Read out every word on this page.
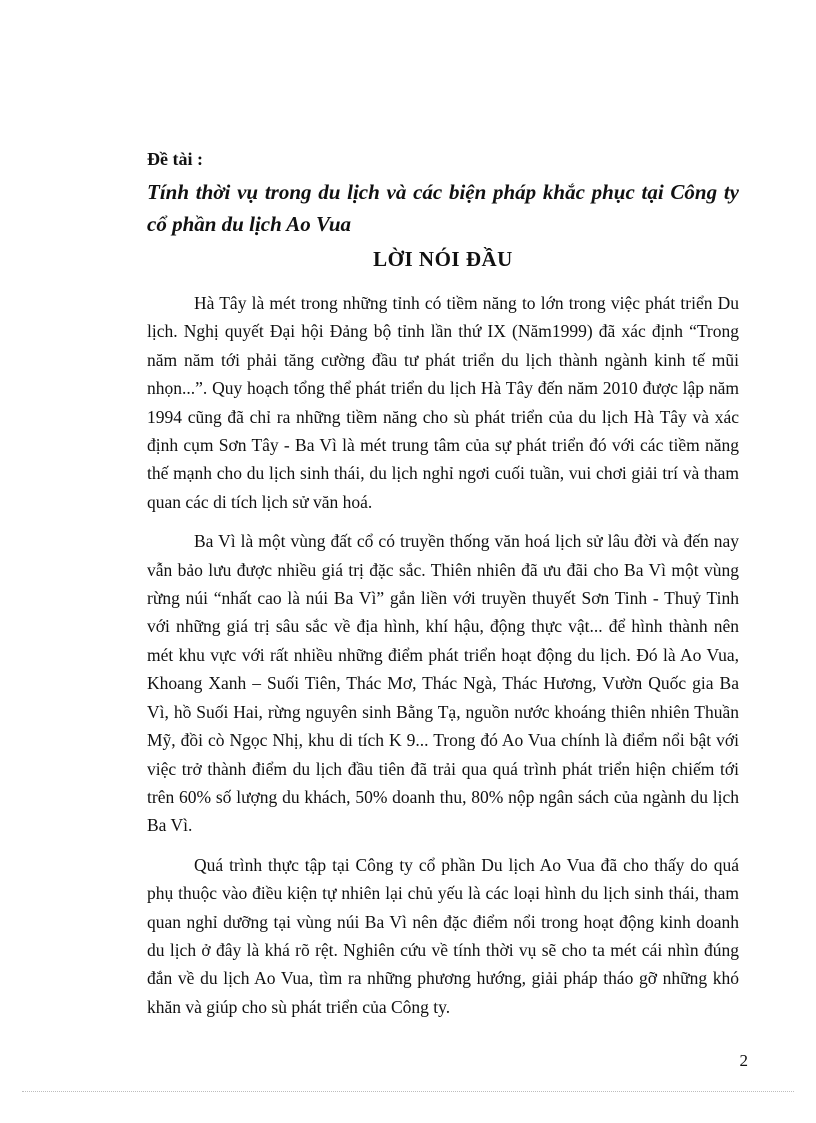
Đề tài :
Tính thời vụ trong du lịch và các biện pháp khắc phục tại Công ty cổ phần du lịch Ao Vua
LỜI NÓI ĐẦU

Hà Tây là mét trong những tỉnh có tiềm năng to lớn trong việc phát triển Du lịch. Nghị quyết Đại hội Đảng bộ tỉnh lần thứ IX (Năm1999) đã xác định “Trong năm năm tới phải tăng cường đầu tư phát triển du lịch thành ngành kinh tế mũi nhọn...”. Quy hoạch tổng thể phát triển du lịch Hà Tây đến năm 2010 được lập năm 1994 cũng đã chỉ ra những tiềm năng cho sù phát triển của du lịch Hà Tây và xác định cụm Sơn Tây - Ba Vì là mét trung tâm của sự phát triển đó với các tiềm năng thế mạnh cho du lịch sinh thái, du lịch nghỉ ngơi cuối tuần, vui chơi giải trí và tham quan các di tích lịch sử văn hoá.

Ba Vì là một vùng đất cổ có truyền thống văn hoá lịch sử lâu đời và đến nay vẫn bảo lưu được nhiều giá trị đặc sắc. Thiên nhiên đã ưu đãi cho Ba Vì một vùng rừng núi “nhất cao là núi Ba Vì” gắn liền với truyền thuyết Sơn Tinh - Thuỷ Tinh với những giá trị sâu sắc về địa hình, khí hậu, động thực vật... để hình thành nên mét khu vực với rất nhiều những điểm phát triển hoạt động du lịch. Đó là Ao Vua, Khoang Xanh – Suối Tiên, Thác Mơ, Thác Ngà, Thác Hương, Vườn Quốc gia Ba Vì, hồ Suối Hai, rừng nguyên sinh Bằng Tạ, nguồn nước khoáng thiên nhiên Thuần Mỹ, đồi cò Ngọc Nhị, khu di tích K 9... Trong đó Ao Vua chính là điểm nổi bật với việc trở thành điểm du lịch đầu tiên đã trải qua quá trình phát triển hiện chiếm tới trên 60% số lượng du khách, 50% doanh thu, 80% nộp ngân sách của ngành du lịch Ba Vì.

Quá trình thực tập tại Công ty cổ phần Du lịch Ao Vua đã cho thấy do quá phụ thuộc vào điều kiện tự nhiên lại chủ yếu là các loại hình du lịch sinh thái, tham quan nghỉ dưỡng tại vùng núi Ba Vì nên đặc điểm nổi trong hoạt động kinh doanh du lịch ở đây là khá rõ rệt. Nghiên cứu về tính thời vụ sẽ cho ta mét cái nhìn đúng đắn về du lịch Ao Vua, tìm ra những phương hướng, giải pháp tháo gỡ những khó khăn và giúp cho sù phát triển của Công ty.

2
